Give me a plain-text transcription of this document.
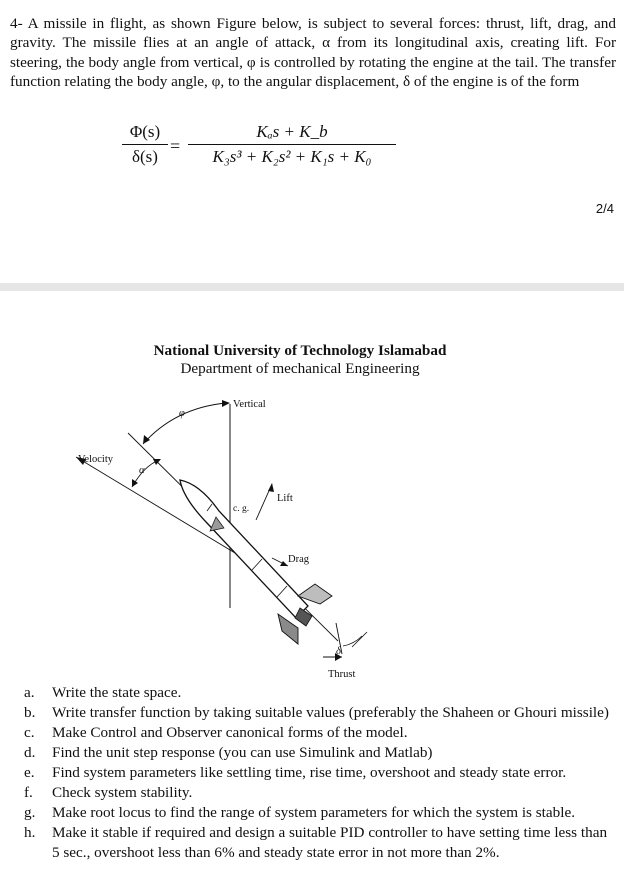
4- A missile in flight, as shown Figure below, is subject to several forces: thrust, lift, drag, and gravity. The missile flies at an angle of attack, α from its longitudinal axis, creating lift. For steering, the body angle from vertical, φ is controlled by rotating the engine at the tail. The transfer function relating the body angle, φ, to the angular displacement, δ of the engine is of the form
$\frac{\Phi(s)}{\delta(s)}$ =
Kₐs + K_b
K₃s³ + K₂s² + K₁s + K₀
2/4
National University of Technology Islamabad
Department of mechanical Engineering
Vertical
Velocity
φ
α
c. g.
Lift
Drag
δ
Thrust
a.	Write the state space.
b.	Write transfer function by taking suitable values (preferably the Shaheen or Ghouri missile)
c.	Make Control and Observer canonical forms of the model.
d.	Find the unit step response (you can use Simulink and Matlab)
e.	Find system parameters like settling time, rise time, overshoot and steady state error.
f.	Check system stability.
g.	Make root locus to find the range of system parameters for which the system is stable.
h.	Make it stable if required and design a suitable PID controller to have setting time less than 5 sec., overshoot less than 6% and steady state error in not more than 2%.
